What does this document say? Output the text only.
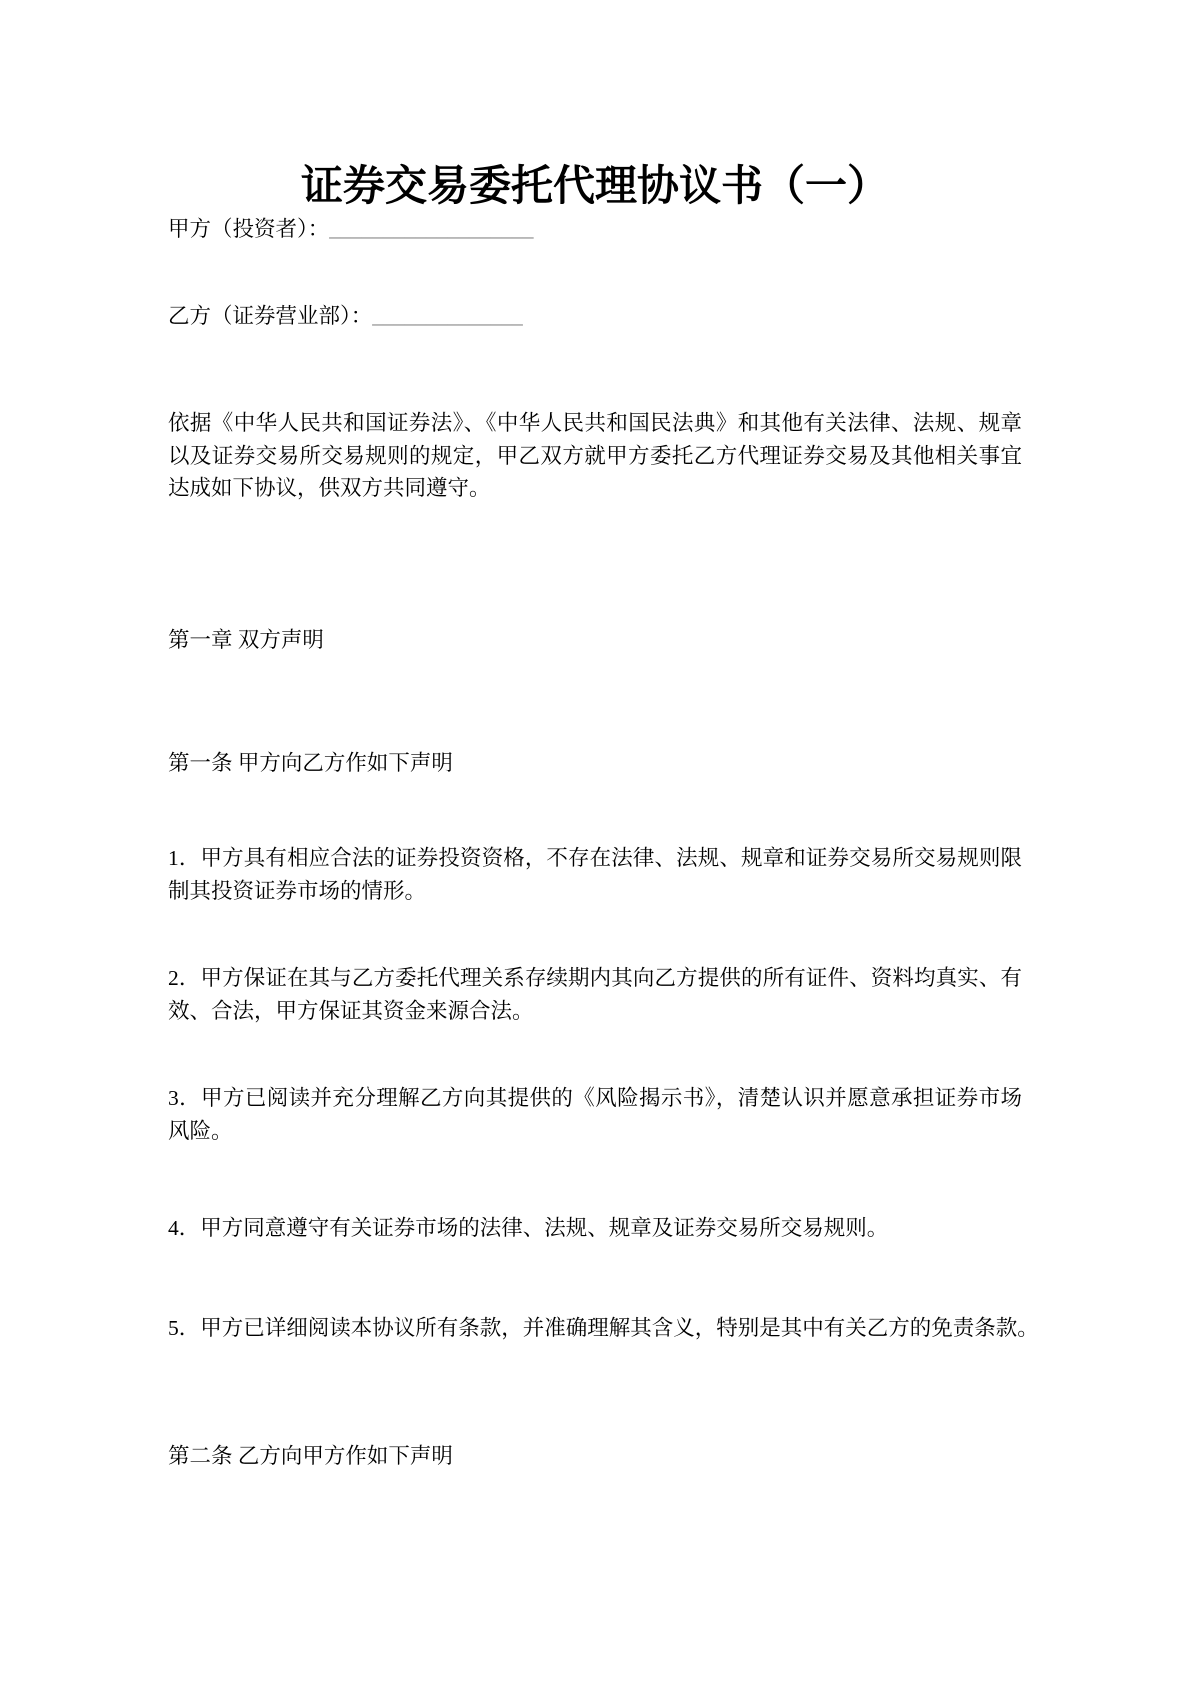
证券交易委托代理协议书（一）

甲方（投资者）：___________________

乙方（证券营业部）：______________

依据《中华人民共和国证券法》、《中华人民共和国民法典》和其他有关法律、法规、规章以及证券交易所交易规则的规定，甲乙双方就甲方委托乙方代理证券交易及其他相关事宜达成如下协议，供双方共同遵守。

第一章 双方声明

第一条 甲方向乙方作如下声明

1．甲方具有相应合法的证券投资资格，不存在法律、法规、规章和证券交易所交易规则限制其投资证券市场的情形。

2．甲方保证在其与乙方委托代理关系存续期内其向乙方提供的所有证件、资料均真实、有效、合法，甲方保证其资金来源合法。

3．甲方已阅读并充分理解乙方向其提供的《风险揭示书》，清楚认识并愿意承担证券市场风险。

4．甲方同意遵守有关证券市场的法律、法规、规章及证券交易所交易规则。

5．甲方已详细阅读本协议所有条款，并准确理解其含义，特别是其中有关乙方的免责条款。

第二条 乙方向甲方作如下声明
